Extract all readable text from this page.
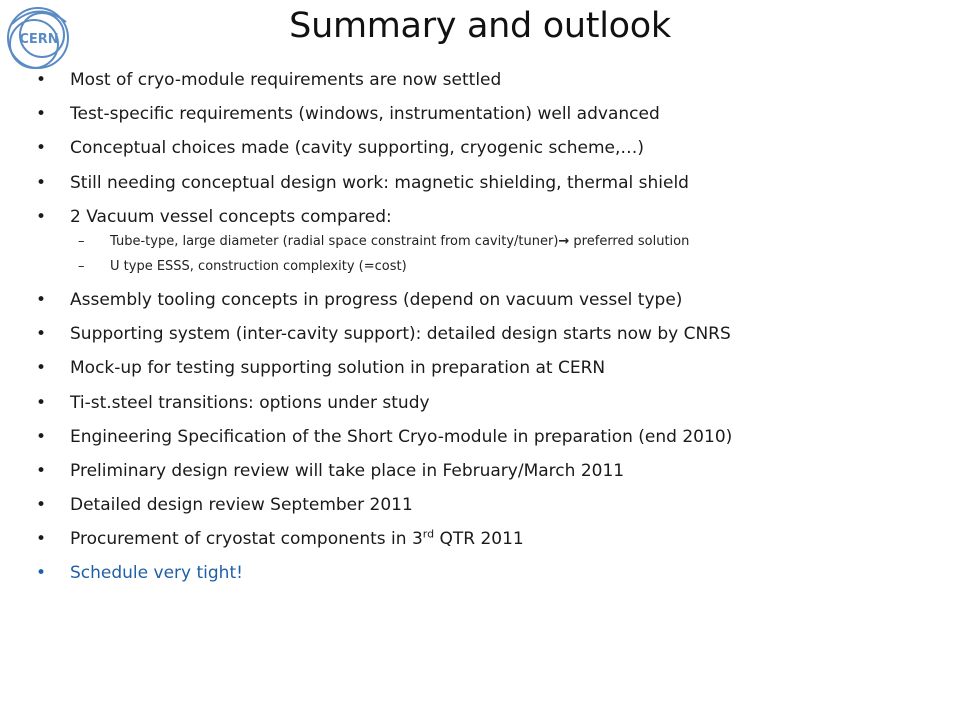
CERN	Summary and outlook
• Most of cryo-module requirements are now settled
• Test-specific requirements (windows, instrumentation) well advanced
• Conceptual choices made (cavity supporting, cryogenic scheme,…)
• Still needing conceptual design work: magnetic shielding, thermal shield
• 2 Vacuum vessel concepts compared:
– Tube-type, large diameter (radial space constraint from cavity/tuner)→ preferred solution
– U type ESSS, construction complexity (=cost)
• Assembly tooling concepts in progress (depend on vacuum vessel type)
• Supporting system (inter-cavity support): detailed design starts now by CNRS
• Mock-up for testing supporting solution in preparation at CERN
• Ti-st.steel transitions: options under study
• Engineering Specification of the Short Cryo-module in preparation (end 2010)
• Preliminary design review will take place in February/March 2011
• Detailed design review September 2011
• Procurement of cryostat components in 3rd QTR 2011
• Schedule very tight!
